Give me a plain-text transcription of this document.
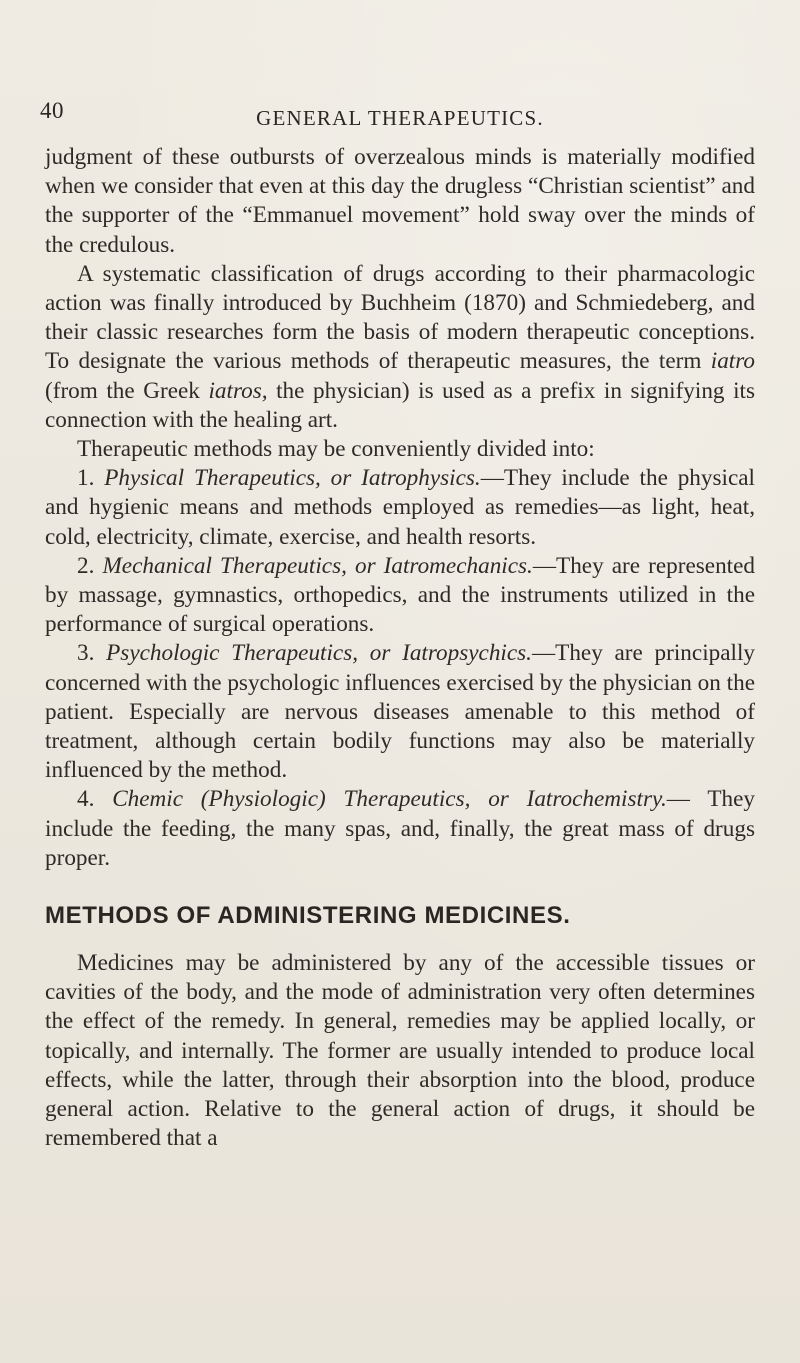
40	GENERAL THERAPEUTICS.

judgment of these outbursts of overzealous minds is materially modified when we consider that even at this day the drugless “Christian scientist” and the supporter of the “Emmanuel movement” hold sway over the minds of the credulous.

A systematic classification of drugs according to their pharmacologic action was finally introduced by Buchheim (1870) and Schmiedeberg, and their classic researches form the basis of modern therapeutic conceptions. To designate the various methods of therapeutic measures, the term iatro (from the Greek iatros, the physician) is used as a prefix in signifying its connection with the healing art.

Therapeutic methods may be conveniently divided into:

1. Physical Therapeutics, or Iatrophysics.—They include the physical and hygienic means and methods employed as remedies—as light, heat, cold, electricity, climate, exercise, and health resorts.

2. Mechanical Therapeutics, or Iatromechanics.—They are represented by massage, gymnastics, orthopedics, and the instruments utilized in the performance of surgical operations.

3. Psychologic Therapeutics, or Iatropsychics.—They are principally concerned with the psychologic influences exercised by the physician on the patient. Especially are nervous diseases amenable to this method of treatment, although certain bodily functions may also be materially influenced by the method.

4. Chemic (Physiologic) Therapeutics, or Iatrochemistry.— They include the feeding, the many spas, and, finally, the great mass of drugs proper.

METHODS OF ADMINISTERING MEDICINES.

Medicines may be administered by any of the accessible tissues or cavities of the body, and the mode of administration very often determines the effect of the remedy. In general, remedies may be applied locally, or topically, and internally. The former are usually intended to produce local effects, while the latter, through their absorption into the blood, produce general action. Relative to the general action of drugs, it should be remembered that a
